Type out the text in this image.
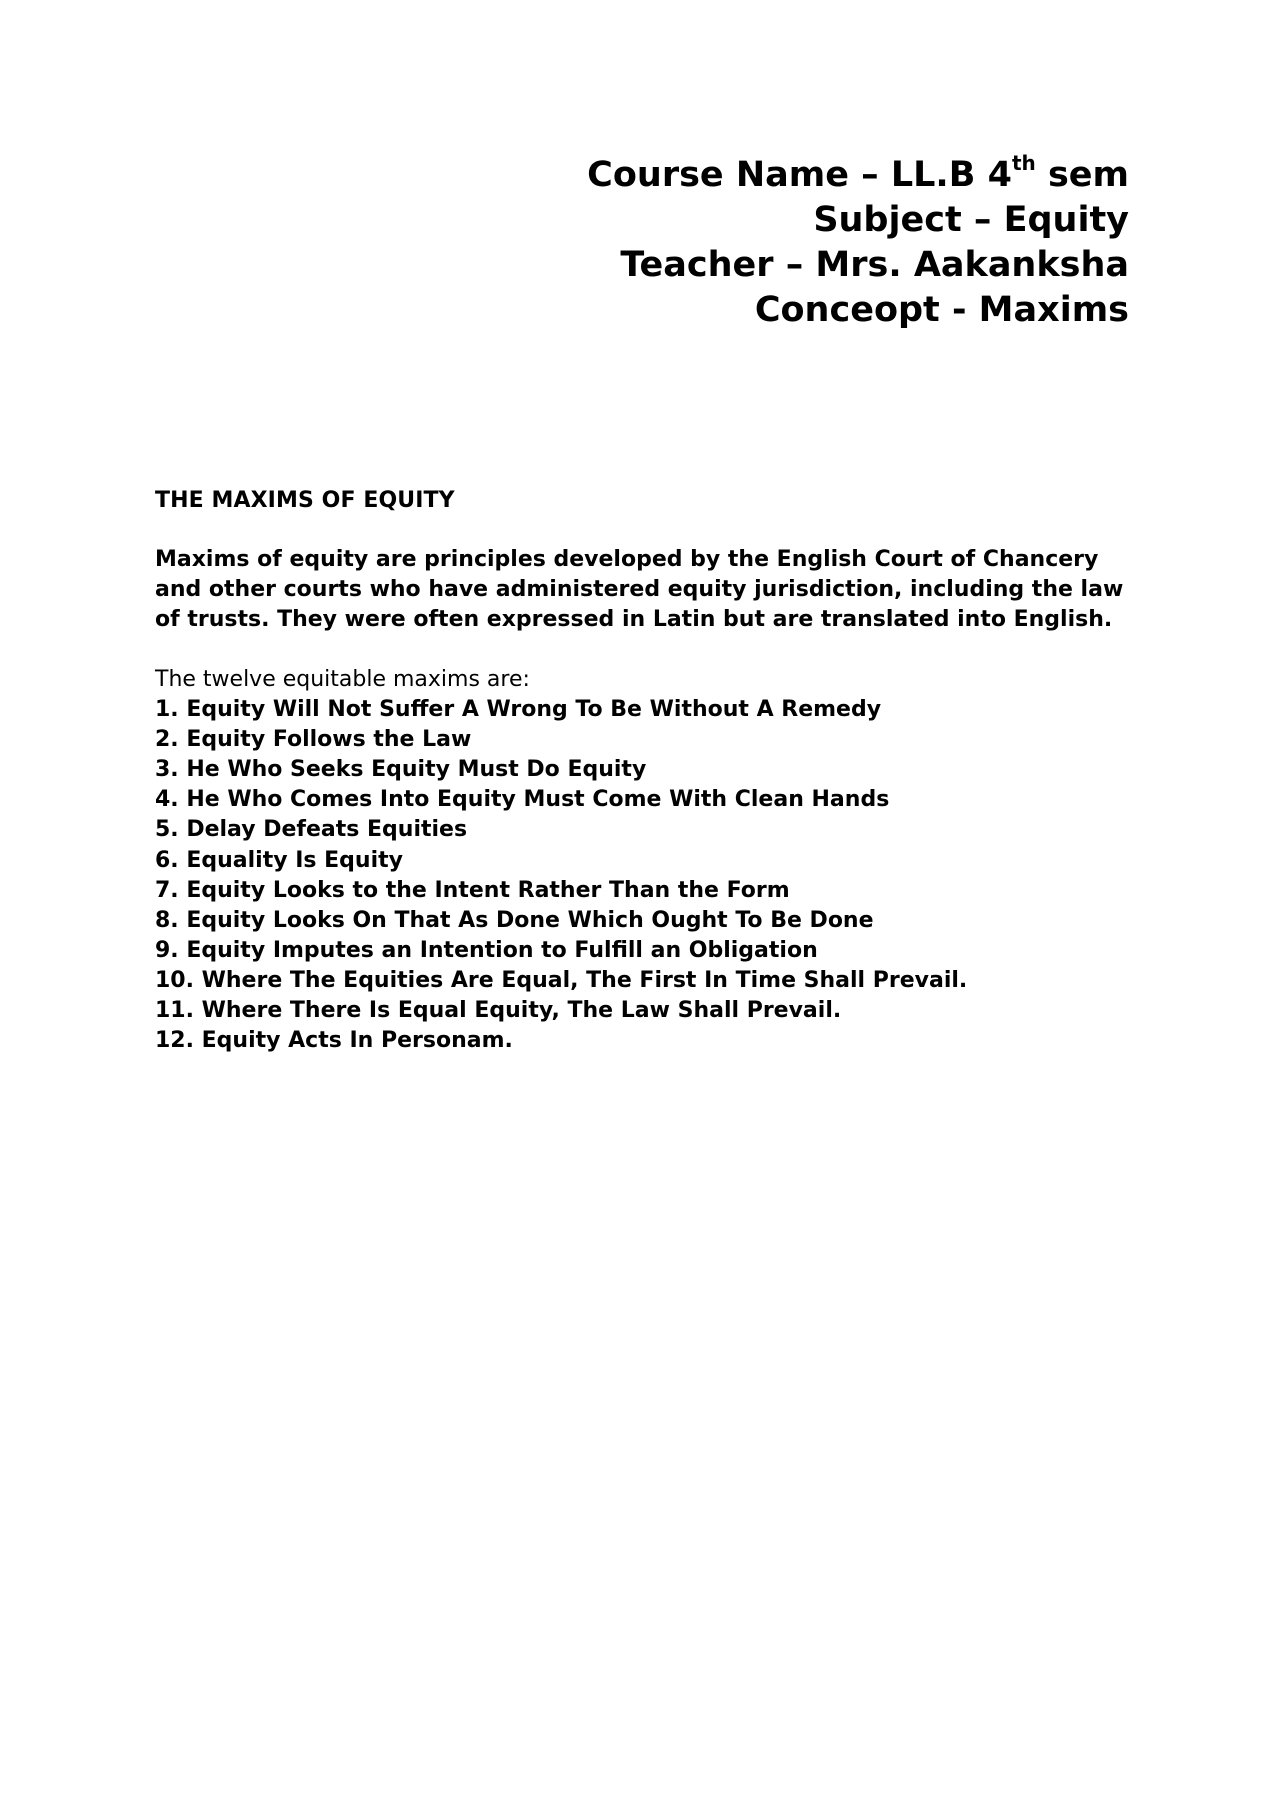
Course Name – LL.B 4th sem
Subject – Equity
Teacher – Mrs. Aakanksha
Conceopt - Maxims
THE MAXIMS OF EQUITY
Maxims of equity are principles developed by the English Court of Chancery
and other courts who have administered equity jurisdiction, including the law
of trusts. They were often expressed in Latin but are translated into English.
The twelve equitable maxims are:
1. Equity Will Not Suffer A Wrong To Be Without A Remedy
2. Equity Follows the Law
3. He Who Seeks Equity Must Do Equity
4. He Who Comes Into Equity Must Come With Clean Hands
5. Delay Defeats Equities
6. Equality Is Equity
7. Equity Looks to the Intent Rather Than the Form
8. Equity Looks On That As Done Which Ought To Be Done
9. Equity Imputes an Intention to Fulfill an Obligation
10. Where The Equities Are Equal, The First In Time Shall Prevail.
11. Where There Is Equal Equity, The Law Shall Prevail.
12. Equity Acts In Personam.
